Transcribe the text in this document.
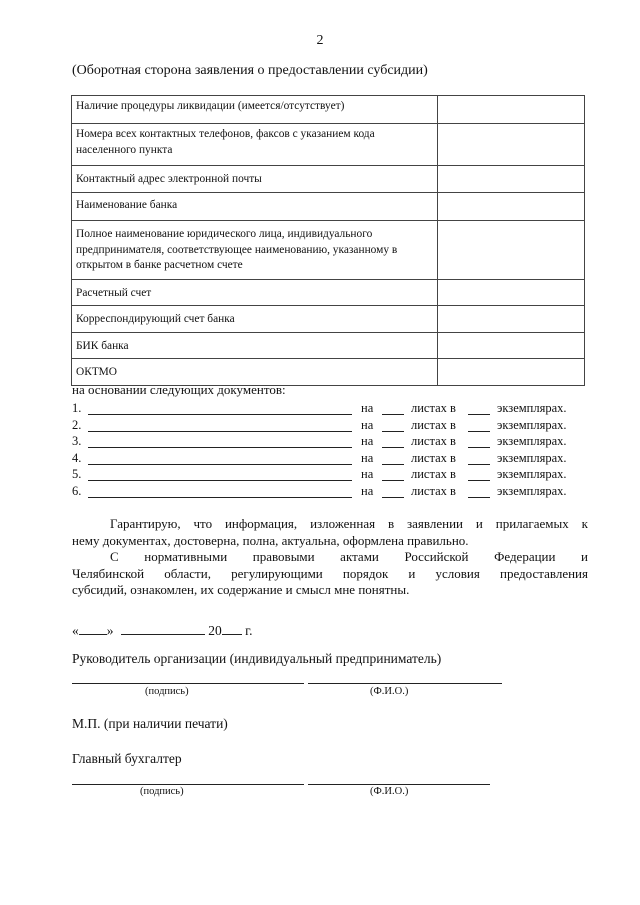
2
(Оборотная сторона заявления о предоставлении субсидии)
Наличие процедуры ликвидации (имеется/отсутствует)	
Номера всех контактных телефонов, факсов с указанием кода населенного пункта	
Контактный адрес электронной почты	
Наименование банка	
Полное наименование юридического лица, индивидуального предпринимателя, соответствующее наименованию, указанному в открытом в банке расчетном счете	
Расчетный счет	
Корреспондирующий счет банка	
БИК банка	
ОКТМО	
на основании следующих документов:
1.	на	листах в	экземплярах.
2.	на	листах в	экземплярах.
3.	на	листах в	экземплярах.
4.	на	листах в	экземплярах.
5.	на	листах в	экземплярах.
6.	на	листах в	экземплярах.
Гарантирую, что информация, изложенная в заявлении и прилагаемых к
нему документах, достоверна, полна, актуальна, оформлена правильно.
С нормативными правовыми актами Российской Федерации и
Челябинской области, регулирующими порядок и условия предоставления
субсидий, ознакомлен, их содержание и смысл мне понятны.
« »	20 г.
Руководитель организации (индивидуальный предприниматель)
(подпись)	(Ф.И.О.)
М.П. (при наличии печати)
Главный бухгалтер
(подпись)	(Ф.И.О.)
